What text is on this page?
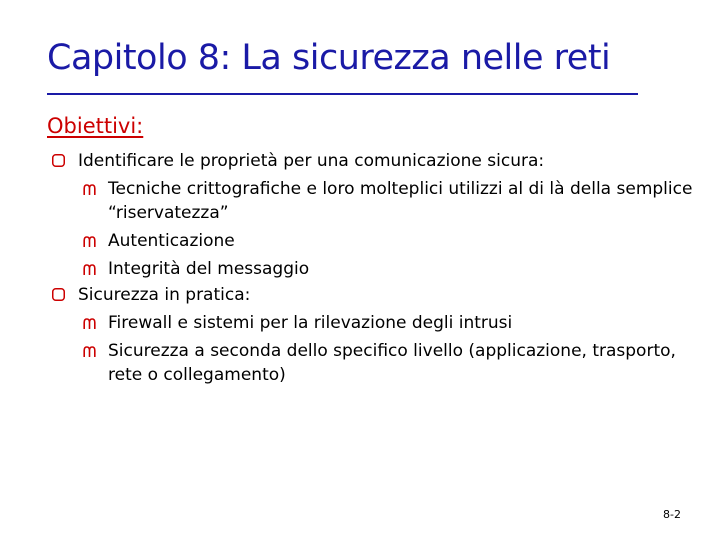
Capitolo 8: La sicurezza nelle reti
Obiettivi:
Identificare le proprietà per una comunicazione sicura:
Tecniche crittografiche e loro molteplici utilizzi al di là della semplice “riservatezza”
Autenticazione
Integrità del messaggio
Sicurezza in pratica:
Firewall e sistemi per la rilevazione degli intrusi
Sicurezza a seconda dello specifico livello (applicazione, trasporto, rete o collegamento)
8-2
